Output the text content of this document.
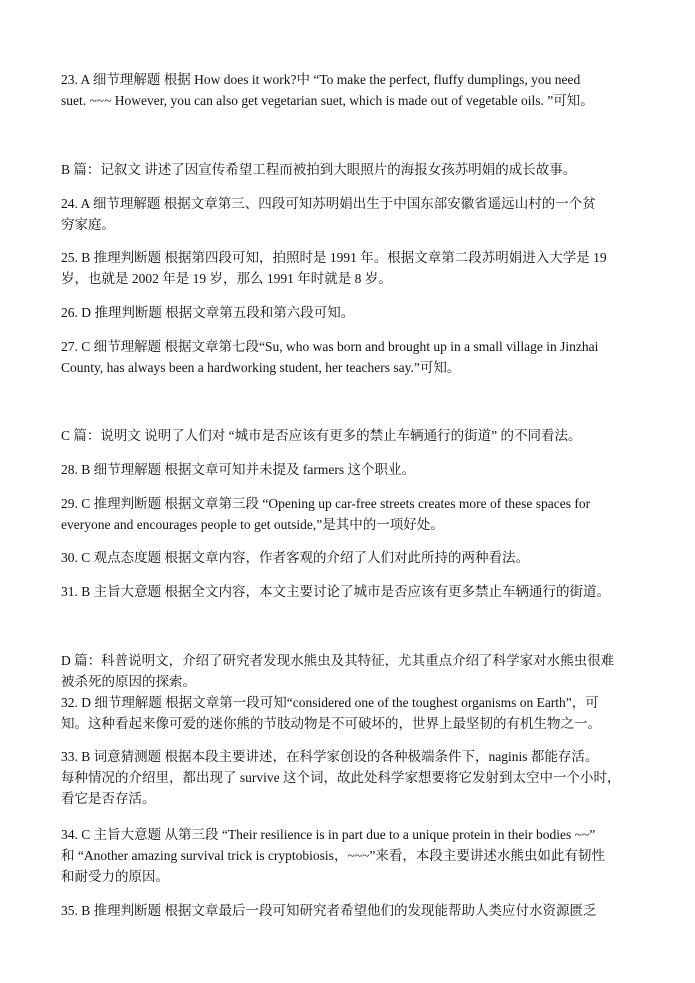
23. A 细节理解题 根据 How does it work?中 “To make the perfect, fluffy dumplings, you need
suet. ~~~ However, you can also get vegetarian suet, which is made out of vegetable oils. ”可知。

B 篇：记叙文 讲述了因宣传希望工程而被拍到大眼照片的海报女孩苏明娟的成长故事。

24. A 细节理解题 根据文章第三、四段可知苏明娟出生于中国东部安徽省遥远山村的一个贫
穷家庭。

25. B 推理判断题 根据第四段可知，拍照时是 1991 年。根据文章第二段苏明娟进入大学是 19
岁，也就是 2002 年是 19 岁，那么 1991 年时就是 8 岁。

26. D 推理判断题 根据文章第五段和第六段可知。

27. C 细节理解题 根据文章第七段“Su, who was born and brought up in a small village in Jinzhai
County, has always been a hardworking student, her teachers say.”可知。

C 篇：说明文 说明了人们对 “城市是否应该有更多的禁止车辆通行的街道” 的不同看法。

28. B 细节理解题 根据文章可知并未提及 farmers 这个职业。

29. C 推理判断题 根据文章第三段 “Opening up car-free streets creates more of these spaces for
everyone and encourages people to get outside,”是其中的一项好处。

30. C 观点态度题 根据文章内容，作者客观的介绍了人们对此所持的两种看法。

31. B 主旨大意题 根据全文内容，本文主要讨论了城市是否应该有更多禁止车辆通行的街道。

D 篇：科普说明文，介绍了研究者发现水熊虫及其特征，尤其重点介绍了科学家对水熊虫很难
被杀死的原因的探索。

32. D 细节理解题 根据文章第一段可知“considered one of the toughest organisms on Earth”，可
知。这种看起来像可爱的迷你熊的节肢动物是不可破坏的，世界上最坚韧的有机生物之一。

33. B 词意猜测题 根据本段主要讲述，在科学家创设的各种极端条件下，naginis 都能存活。
每种情况的介绍里，都出现了 survive 这个词，故此处科学家想要将它发射到太空中一个小时，
看它是否存活。

34. C 主旨大意题 从第三段 “Their resilience is in part due to a unique protein in their bodies ~~”
和 “Another amazing survival trick is cryptobiosis，~~~”来看，本段主要讲述水熊虫如此有韧性
和耐受力的原因。

35. B 推理判断题 根据文章最后一段可知研究者希望他们的发现能帮助人类应付水资源匮乏
